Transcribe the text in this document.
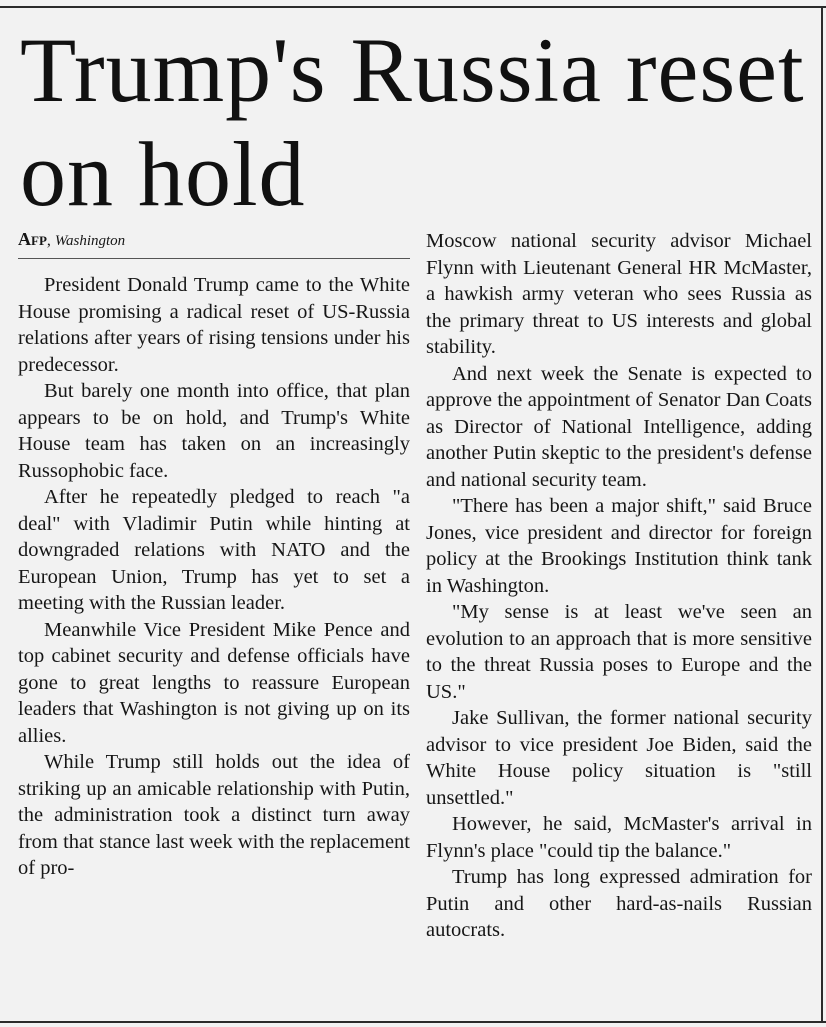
Trump's Russia reset on hold
Afp, Washington

President Donald Trump came to the White House promising a radical reset of US-Russia relations after years of rising tensions under his predecessor.

But barely one month into office, that plan appears to be on hold, and Trump's White House team has taken on an increasingly Russophobic face.

After he repeatedly pledged to reach "a deal" with Vladimir Putin while hinting at downgraded relations with NATO and the European Union, Trump has yet to set a meeting with the Russian leader.

Meanwhile Vice President Mike Pence and top cabinet security and defense officials have gone to great lengths to reassure European leaders that Washington is not giving up on its allies.

While Trump still holds out the idea of striking up an amicable relationship with Putin, the administration took a distinct turn away from that stance last week with the replacement of pro-

Moscow national security advisor Michael Flynn with Lieutenant General HR McMaster, a hawkish army veteran who sees Russia as the primary threat to US interests and global stability.

And next week the Senate is expected to approve the appointment of Senator Dan Coats as Director of National Intelligence, adding another Putin skeptic to the president's defense and national security team.

"There has been a major shift," said Bruce Jones, vice president and director for foreign policy at the Brookings Institution think tank in Washington.

"My sense is at least we've seen an evolution to an approach that is more sensitive to the threat Russia poses to Europe and the US."

Jake Sullivan, the former national security advisor to vice president Joe Biden, said the White House policy situation is "still unsettled."

However, he said, McMaster's arrival in Flynn's place "could tip the balance."

Trump has long expressed admiration for Putin and other hard-as-nails Russian autocrats.
